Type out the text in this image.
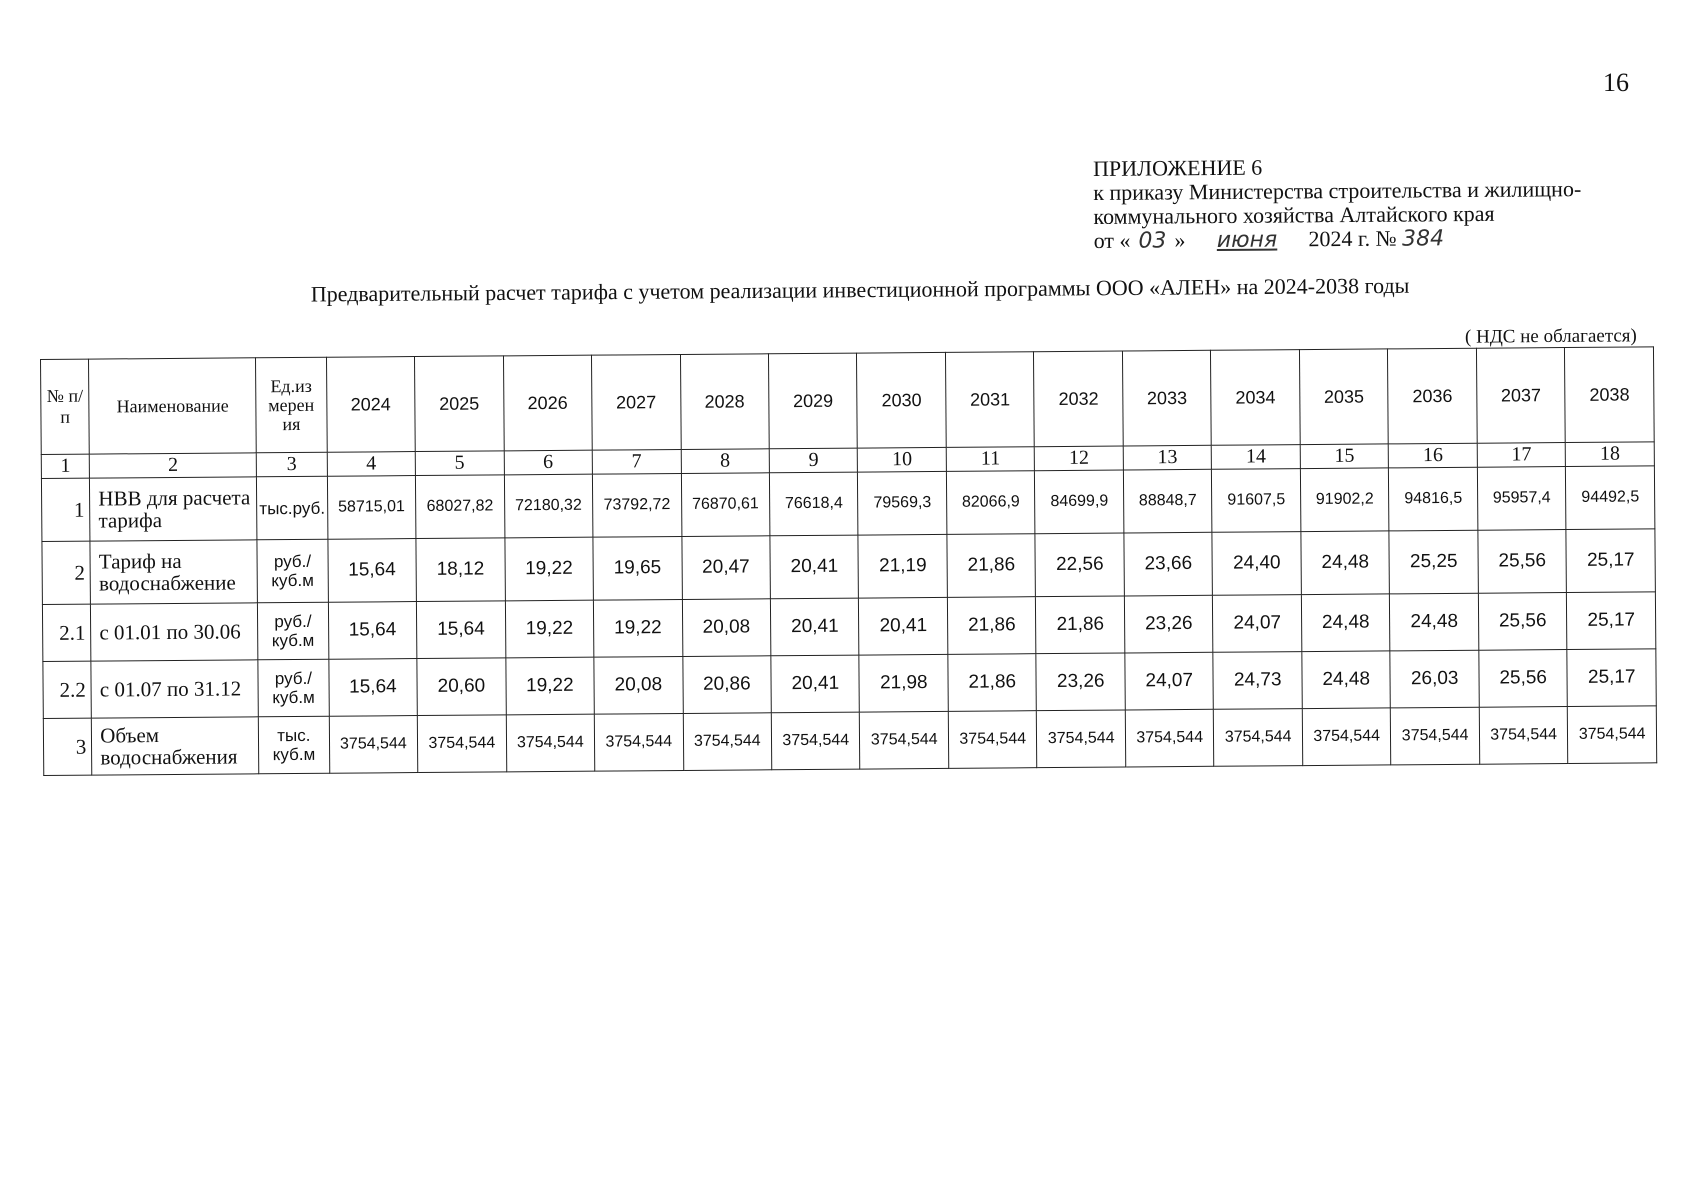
16
ПРИЛОЖЕНИЕ 6
к приказу Министерства строительства и жилищно-
коммунального хозяйства Алтайского края
от « 03 » июня 2024 г. № 384
Предварительный расчет тарифа с учетом реализации инвестиционной программы ООО «АЛЕН» на 2024-2038 годы
( НДС не облагается)
№ п/п	Наименование	Ед.из мерен ия	2024	2025	2026	2027	2028	2029	2030	2031	2032	2033	2034	2035	2036	2037	2038
1	2	3	4	5	6	7	8	9	10	11	12	13	14	15	16	17	18
1	НВВ для расчета тарифа	тыс.руб.	58715,01	68027,82	72180,32	73792,72	76870,61	76618,4	79569,3	82066,9	84699,9	88848,7	91607,5	91902,2	94816,5	95957,4	94492,5
2	Тариф на водоснабжение	руб./ куб.м	15,64	18,12	19,22	19,65	20,47	20,41	21,19	21,86	22,56	23,66	24,40	24,48	25,25	25,56	25,17
2.1	с 01.01 по 30.06	руб./ куб.м	15,64	15,64	19,22	19,22	20,08	20,41	20,41	21,86	21,86	23,26	24,07	24,48	24,48	25,56	25,17
2.2	с 01.07 по 31.12	руб./ куб.м	15,64	20,60	19,22	20,08	20,86	20,41	21,98	21,86	23,26	24,07	24,73	24,48	26,03	25,56	25,17
3	Объем водоснабжения	тыс. куб.м	3754,544	3754,544	3754,544	3754,544	3754,544	3754,544	3754,544	3754,544	3754,544	3754,544	3754,544	3754,544	3754,544	3754,544	3754,544
